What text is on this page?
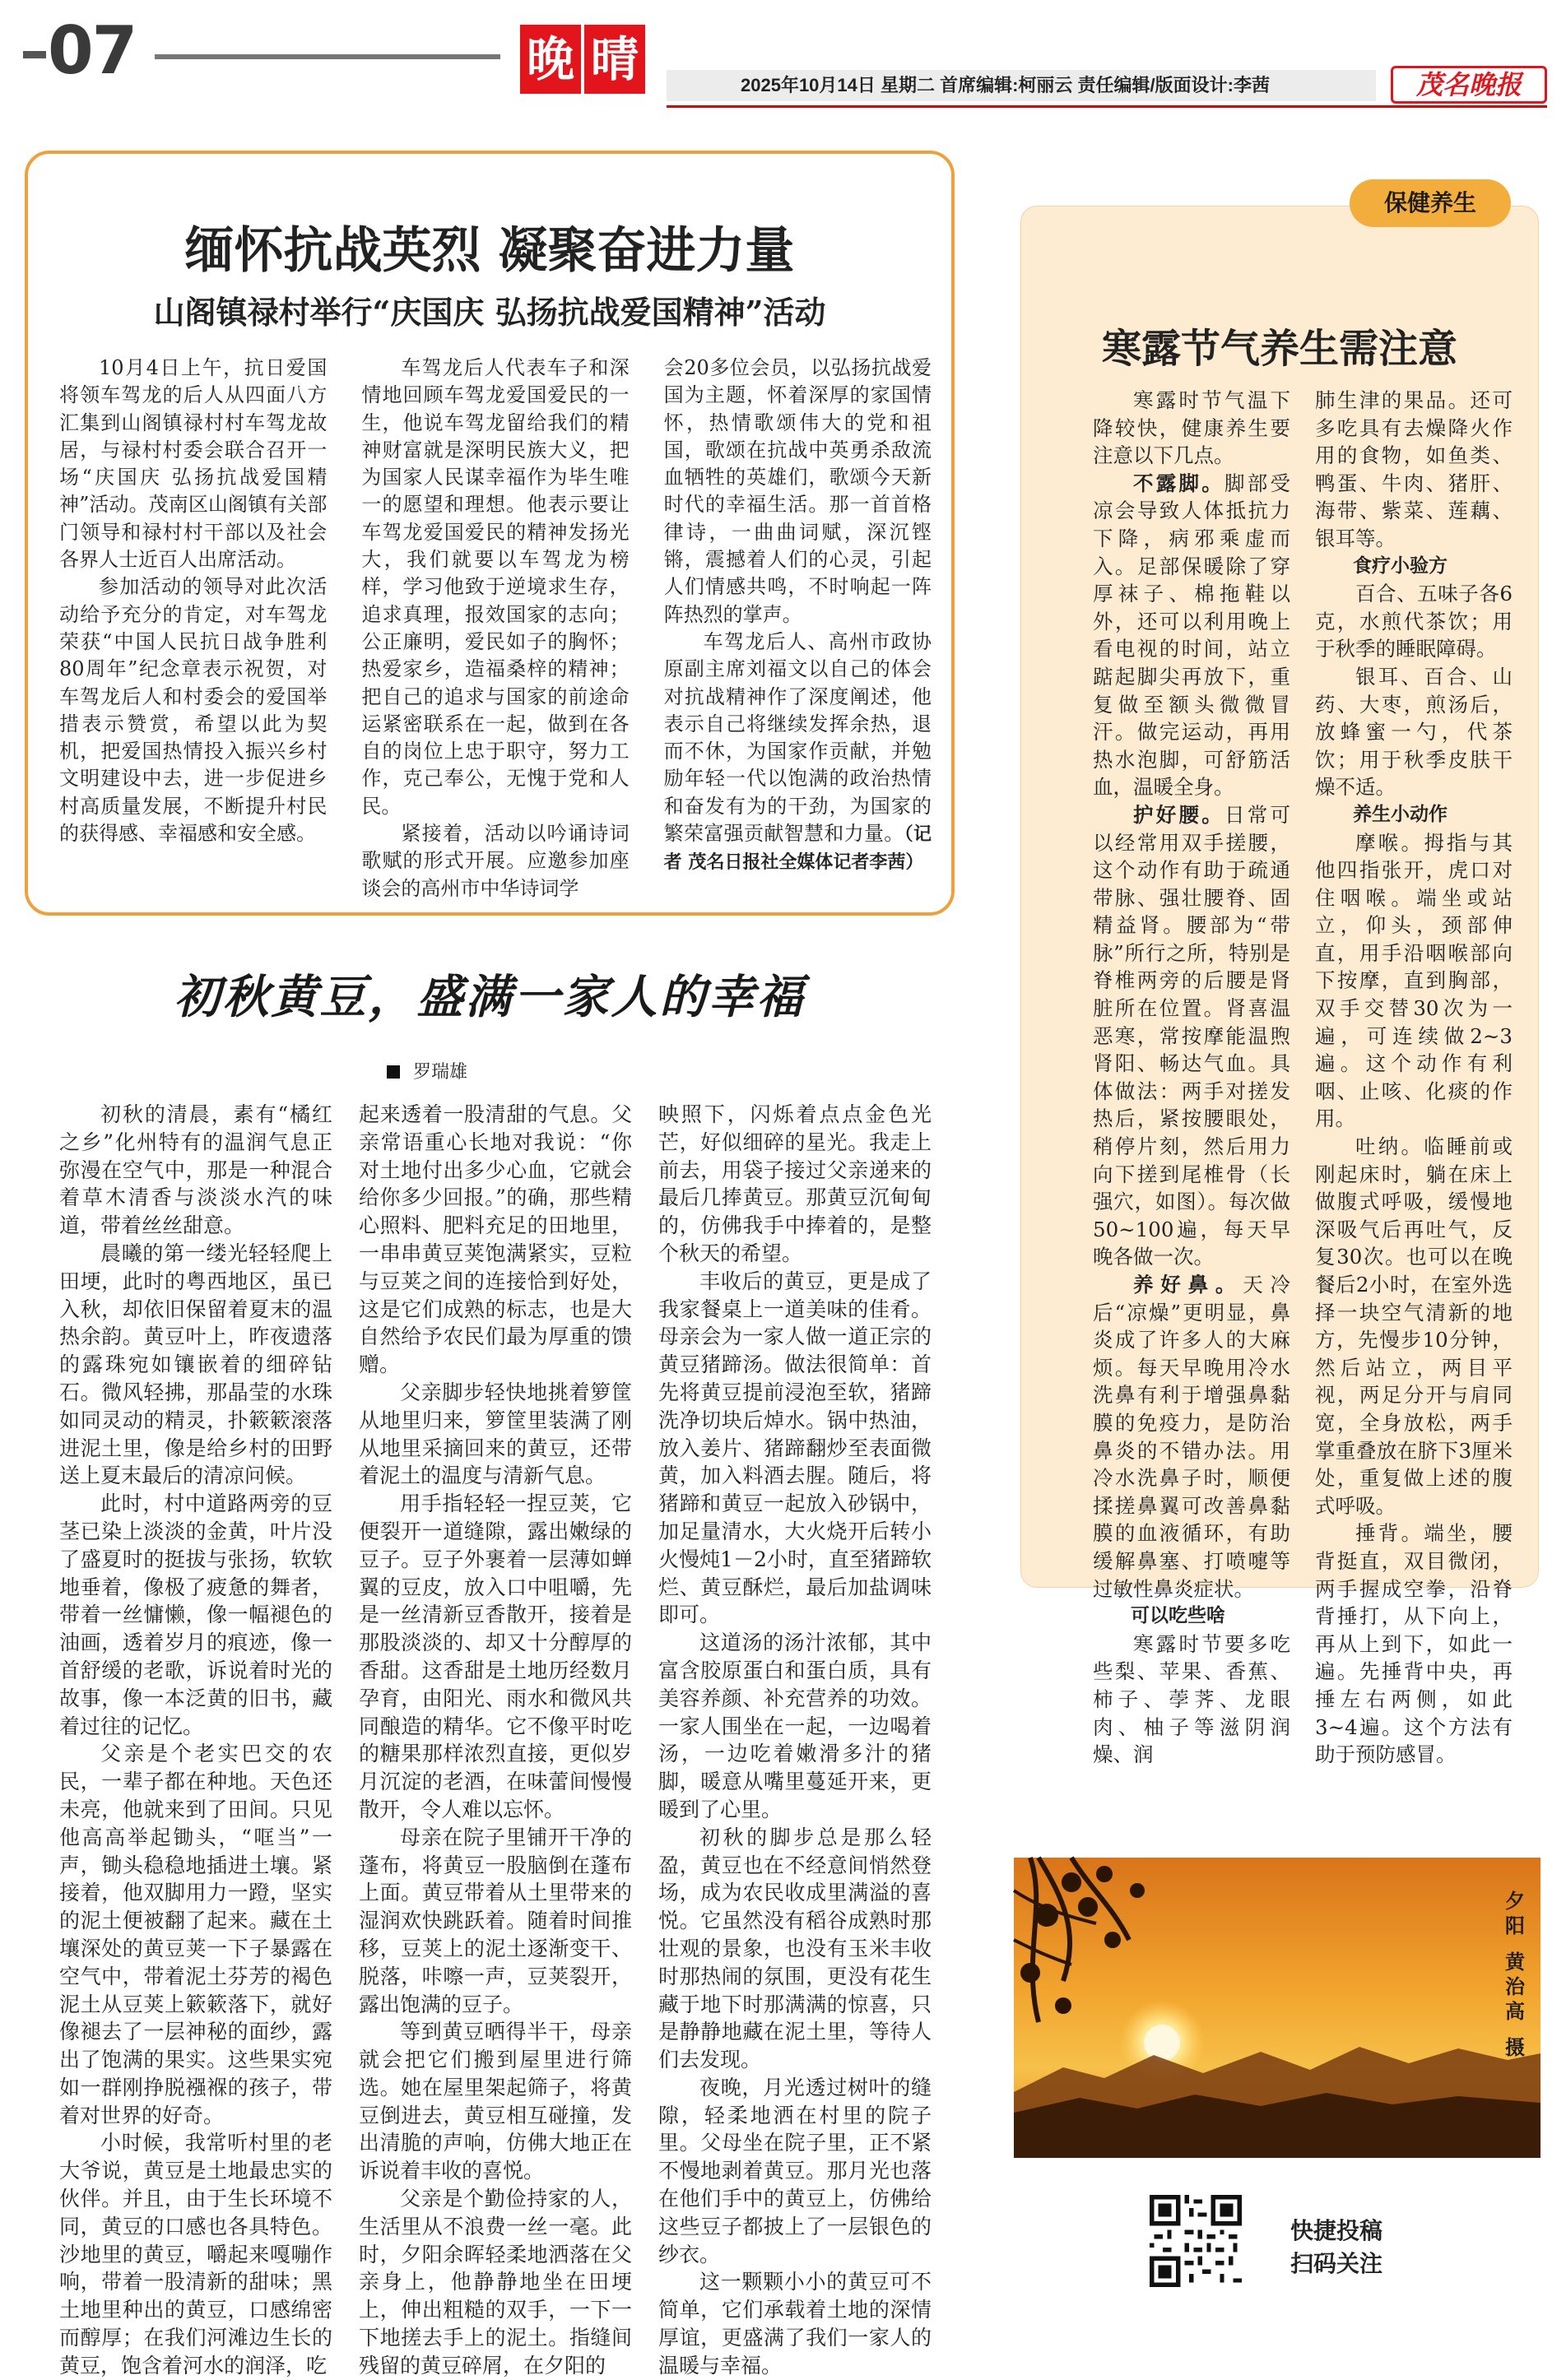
07	晚 晴	2025年10月14日 星期二 首席编辑:柯丽云 责任编辑/版面设计:李茜	茂名晚报
缅怀抗战英烈 凝聚奋进力量
山阁镇禄村举行“庆国庆 弘扬抗战爱国精神”活动

10月4日上午，抗日爱国将领车驾龙的后人从四面八方汇集到山阁镇禄村村车驾龙故居，与禄村村委会联合召开一场“庆国庆 弘扬抗战爱国精神”活动。茂南区山阁镇有关部门领导和禄村村干部以及社会各界人士近百人出席活动。

参加活动的领导对此次活动给予充分的肯定，对车驾龙荣获“中国人民抗日战争胜利80周年”纪念章表示祝贺，对车驾龙后人和村委会的爱国举措表示赞赏，希望以此为契机，把爱国热情投入振兴乡村文明建设中去，进一步促进乡村高质量发展，不断提升村民的获得感、幸福感和安全感。

车驾龙后人代表车子和深情地回顾车驾龙爱国爱民的一生，他说车驾龙留给我们的精神财富就是深明民族大义，把为国家人民谋幸福作为毕生唯一的愿望和理想。他表示要让车驾龙爱国爱民的精神发扬光大，我们就要以车驾龙为榜样，学习他致于逆境求生存，追求真理，报效国家的志向；公正廉明，爱民如子的胸怀；热爱家乡，造福桑梓的精神；把自己的追求与国家的前途命运紧密联系在一起，做到在各自的岗位上忠于职守，努力工作，克己奉公，无愧于党和人民。

紧接着，活动以吟诵诗词歌赋的形式开展。应邀参加座谈会的高州市中华诗词学

会20多位会员，以弘扬抗战爱国为主题，怀着深厚的家国情怀，热情歌颂伟大的党和祖国，歌颂在抗战中英勇杀敌流血牺牲的英雄们，歌颂今天新时代的幸福生活。那一首首格律诗，一曲曲词赋，深沉铿锵，震撼着人们的心灵，引起人们情感共鸣，不时响起一阵阵热烈的掌声。

车驾龙后人、高州市政协原副主席刘福文以自己的体会对抗战精神作了深度阐述，他表示自己将继续发挥余热，退而不休，为国家作贡献，并勉励年轻一代以饱满的政治热情和奋发有为的干劲，为国家的繁荣富强贡献智慧和力量。（记者 茂名日报社全媒体记者李茜）

初秋黄豆，盛满一家人的幸福
罗瑞雄

初秋的清晨，素有“橘红之乡”化州特有的温润气息正弥漫在空气中，那是一种混合着草木清香与淡淡水汽的味道，带着丝丝甜意。

晨曦的第一缕光轻轻爬上田埂，此时的粤西地区，虽已入秋，却依旧保留着夏末的温热余韵。黄豆叶上，昨夜遗落的露珠宛如镶嵌着的细碎钻石。微风轻拂，那晶莹的水珠如同灵动的精灵，扑簌簌滚落进泥土里，像是给乡村的田野送上夏末最后的清凉问候。

此时，村中道路两旁的豆茎已染上淡淡的金黄，叶片没了盛夏时的挺拔与张扬，软软地垂着，像极了疲惫的舞者，带着一丝慵懒，像一幅褪色的油画，透着岁月的痕迹，像一首舒缓的老歌，诉说着时光的故事，像一本泛黄的旧书，藏着过往的记忆。

父亲是个老实巴交的农民，一辈子都在种地。天色还未亮，他就来到了田间。只见他高高举起锄头，“哐当”一声，锄头稳稳地插进土壤。紧接着，他双脚用力一蹬，坚实的泥土便被翻了起来。藏在土壤深处的黄豆荚一下子暴露在空气中，带着泥土芬芳的褐色泥土从豆荚上簌簌落下，就好像褪去了一层神秘的面纱，露出了饱满的果实。这些果实宛如一群刚挣脱襁褓的孩子，带着对世界的好奇。

小时候，我常听村里的老大爷说，黄豆是土地最忠实的伙伴。并且，由于生长环境不同，黄豆的口感也各具特色。沙地里的黄豆，嚼起来嘎嘣作响，带着一股清新的甜味；黑土地里种出的黄豆，口感绵密而醇厚；在我们河滩边生长的黄豆，饱含着河水的润泽，吃

起来透着一股清甜的气息。父亲常语重心长地对我说：“你对土地付出多少心血，它就会给你多少回报。”的确，那些精心照料、肥料充足的田地里，一串串黄豆荚饱满紧实，豆粒与豆荚之间的连接恰到好处，这是它们成熟的标志，也是大自然给予农民们最为厚重的馈赠。

父亲脚步轻快地挑着箩筐从地里归来，箩筐里装满了刚从地里采摘回来的黄豆，还带着泥土的温度与清新气息。

用手指轻轻一捏豆荚，它便裂开一道缝隙，露出嫩绿的豆子。豆子外裹着一层薄如蝉翼的豆皮，放入口中咀嚼，先是一丝清新豆香散开，接着是那股淡淡的、却又十分醇厚的香甜。这香甜是土地历经数月孕育，由阳光、雨水和微风共同酿造的精华。它不像平时吃的糖果那样浓烈直接，更似岁月沉淀的老酒，在味蕾间慢慢散开，令人难以忘怀。

母亲在院子里铺开干净的蓬布，将黄豆一股脑倒在蓬布上面。黄豆带着从土里带来的湿润欢快跳跃着。随着时间推移，豆荚上的泥土逐渐变干、脱落，咔嚓一声，豆荚裂开，露出饱满的豆子。

等到黄豆晒得半干，母亲就会把它们搬到屋里进行筛选。她在屋里架起筛子，将黄豆倒进去，黄豆相互碰撞，发出清脆的声响，仿佛大地正在诉说着丰收的喜悦。

父亲是个勤俭持家的人，生活里从不浪费一丝一毫。此时，夕阳余晖轻柔地洒落在父亲身上，他静静地坐在田埂上，伸出粗糙的双手，一下一下地搓去手上的泥土。指缝间残留的黄豆碎屑，在夕阳的

映照下，闪烁着点点金色光芒，好似细碎的星光。我走上前去，用袋子接过父亲递来的最后几捧黄豆。那黄豆沉甸甸的，仿佛我手中捧着的，是整个秋天的希望。

丰收后的黄豆，更是成了我家餐桌上一道美味的佳肴。母亲会为一家人做一道正宗的黄豆猪蹄汤。做法很简单：首先将黄豆提前浸泡至软，猪蹄洗净切块后焯水。锅中热油，放入姜片、猪蹄翻炒至表面微黄，加入料酒去腥。随后，将猪蹄和黄豆一起放入砂锅中，加足量清水，大火烧开后转小火慢炖1－2小时，直至猪蹄软烂、黄豆酥烂，最后加盐调味即可。

这道汤的汤汁浓郁，其中富含胶原蛋白和蛋白质，具有美容养颜、补充营养的功效。一家人围坐在一起，一边喝着汤，一边吃着嫩滑多汁的猪脚，暖意从嘴里蔓延开来，更暖到了心里。

初秋的脚步总是那么轻盈，黄豆也在不经意间悄然登场，成为农民收成里满溢的喜悦。它虽然没有稻谷成熟时那壮观的景象，也没有玉米丰收时那热闹的氛围，更没有花生藏于地下时那满满的惊喜，只是静静地藏在泥土里，等待人们去发现。

夜晚，月光透过树叶的缝隙，轻柔地洒在村里的院子里。父母坐在院子里，正不紧不慢地剥着黄豆。那月光也落在他们手中的黄豆上，仿佛给这些豆子都披上了一层银色的纱衣。

这一颗颗小小的黄豆可不简单，它们承载着土地的深情厚谊，更盛满了我们一家人的温暖与幸福。

保健养生
寒露节气养生需注意

寒露时节气温下降较快，健康养生要注意以下几点。

不露脚。脚部受凉会导致人体抵抗力下降，病邪乘虚而入。足部保暖除了穿厚袜子、棉拖鞋以外，还可以利用晚上看电视的时间，站立踮起脚尖再放下，重复做至额头微微冒汗。做完运动，再用热水泡脚，可舒筋活血，温暖全身。

护好腰。日常可以经常用双手搓腰，这个动作有助于疏通带脉、强壮腰脊、固精益肾。腰部为“带脉”所行之所，特别是脊椎两旁的后腰是肾脏所在位置。肾喜温恶寒，常按摩能温煦肾阳、畅达气血。具体做法：两手对搓发热后，紧按腰眼处，稍停片刻，然后用力向下搓到尾椎骨（长强穴，如图）。每次做50~100遍，每天早晚各做一次。

养好鼻。天冷后“凉燥”更明显，鼻炎成了许多人的大麻烦。每天早晚用冷水洗鼻有利于增强鼻黏膜的免疫力，是防治鼻炎的不错办法。用冷水洗鼻子时，顺便揉搓鼻翼可改善鼻黏膜的血液循环，有助缓解鼻塞、打喷嚏等过敏性鼻炎症状。

可以吃些啥

寒露时节要多吃些梨、苹果、香蕉、柿子、荸荠、龙眼肉、柚子等滋阴润燥、润

肺生津的果品。还可多吃具有去燥降火作用的食物，如鱼类、鸭蛋、牛肉、猪肝、海带、紫菜、莲藕、银耳等。

食疗小验方

百合、五味子各6克，水煎代茶饮；用于秋季的睡眠障碍。

银耳、百合、山药、大枣，煎汤后，放蜂蜜一勺，代茶饮；用于秋季皮肤干燥不适。

养生小动作

摩喉。拇指与其他四指张开，虎口对住咽喉。端坐或站立，仰头，颈部伸直，用手沿咽喉部向下按摩，直到胸部，双手交替30次为一遍，可连续做2~3遍。这个动作有利咽、止咳、化痰的作用。

吐纳。临睡前或刚起床时，躺在床上做腹式呼吸，缓慢地深吸气后再吐气，反复30次。也可以在晚餐后2小时，在室外选择一块空气清新的地方，先慢步10分钟，然后站立，两目平视，两足分开与肩同宽，全身放松，两手掌重叠放在脐下3厘米处，重复做上述的腹式呼吸。

捶背。端坐，腰背挺直，双目微闭，两手握成空拳，沿脊背捶打，从下向上，再从上到下，如此一遍。先捶背中央，再捶左右两侧，如此3~4遍。这个方法有助于预防感冒。

夕阳
黄治高
摄
快捷投稿
扫码关注
